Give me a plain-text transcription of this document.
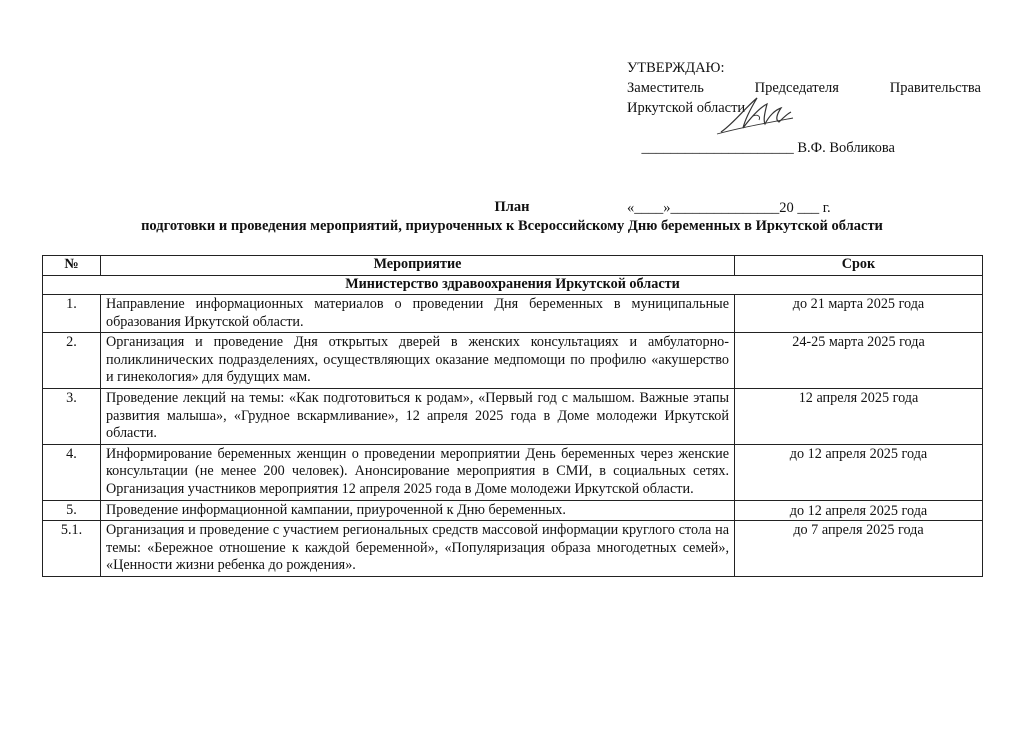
УТВЕРЖДАЮ:
Заместитель	Председателя	Правительства
Иркутской области

_____________________ В.Ф. Вобликова

«____»_______________20 ___ г.
План
подготовки и проведения мероприятий, приуроченных к Всероссийскому Дню беременных в Иркутской области
№	Мероприятие	Срок
Министерство здравоохранения Иркутской области		
1.	Направление информационных материалов о проведении Дня беременных в муниципальные образования Иркутской области.	до 21 марта 2025 года
2.	Организация и проведение Дня открытых дверей в женских консультациях и амбулаторно-поликлинических подразделениях, осуществляющих оказание медпомощи по профилю «акушерство и гинекология» для будущих мам.	24-25 марта 2025 года
3.	Проведение лекций на темы: «Как подготовиться к родам», «Первый год с малышом. Важные этапы развития малыша», «Грудное вскармливание», 12 апреля 2025 года в Доме молодежи Иркутской области.	12 апреля 2025 года
4.	Информирование беременных женщин о проведении мероприятии День беременных через женские консультации (не менее 200 человек). Анонсирование мероприятия в СМИ, в социальных сетях. Организация участников мероприятия 12 апреля 2025 года в Доме молодежи Иркутской области.	до 12 апреля 2025 года
5.	Проведение информационной кампании, приуроченной к Дню беременных.	до 12 апреля 2025 года
5.1.	Организация и проведение с участием региональных средств массовой информации круглого стола на темы: «Бережное отношение к каждой беременной», «Популяризация образа многодетных семей», «Ценности жизни ребенка до рождения».	до 7 апреля 2025 года
